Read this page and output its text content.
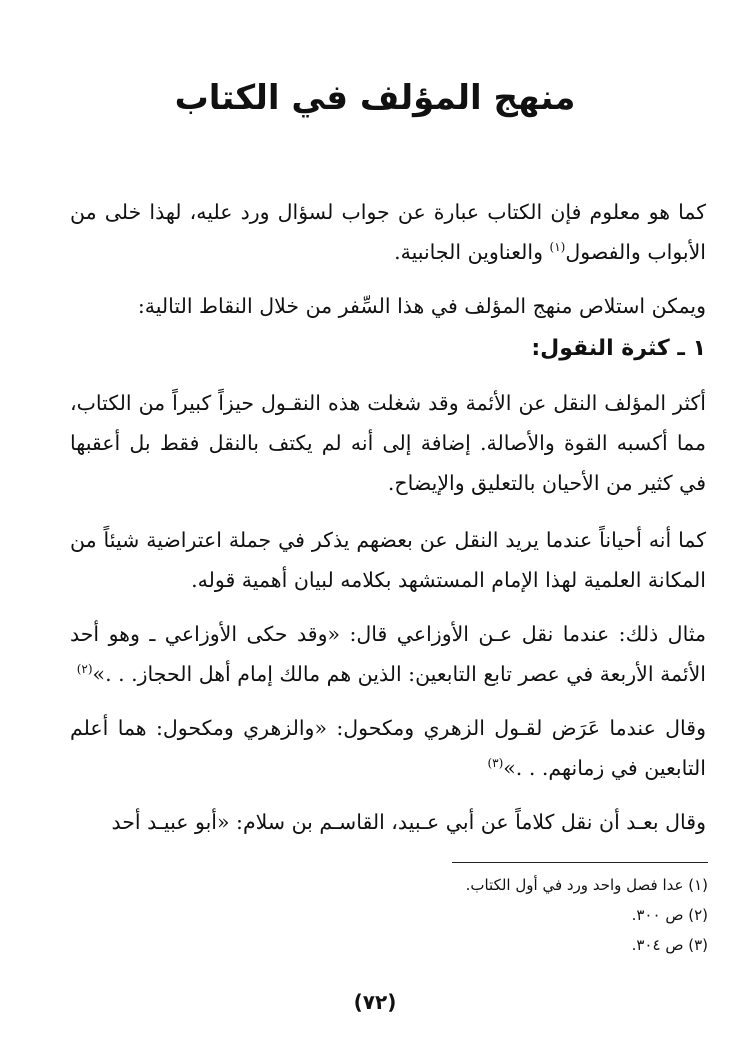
منهج المؤلف في الكتاب
كما هو معلوم فإن الكتاب عبارة عن جواب لسؤال ورد عليه، لهذا خلى من الأبواب والفصول$^{(١)}$ والعناوين الجانبية.
ويمكن استلاص منهج المؤلف في هذا السِّفر من خلال النقاط التالية:
١ ـ كثرة النقول:
أكثر المؤلف النقل عن الأئمة وقد شغلت هذه النقـول حيزاً كبيراً من الكتاب، مما أكسبه القوة والأصالة. إضافة إلى أنه لم يكتف بالنقل فقط بل أعقبها في كثير من الأحيان بالتعليق والإيضاح.
كما أنه أحياناً عندما يريد النقل عن بعضهم يذكر في جملة اعتراضية شيئاً من المكانة العلمية لهذا الإمام المستشهد بكلامه لبيان أهمية قوله.
مثال ذلك: عندما نقل عـن الأوزاعي قال: «وقد حكى الأوزاعي ـ وهو أحد الأئمة الأربعة في عصر تابع التابعين: الذين هم مالك إمام أهل الحجاز. . .»$^{(٢)}$
وقال عندما عَرَض لقـول الزهري ومكحول: «والزهري ومكحول: هما أعلم التابعين في زمانهم. . .»$^{(٣)}$
وقال بعـد أن نقل كلاماً عن أبي عـبيد، القاسـم بن سلام: «أبو عبيـد أحد
(١) عدا فصل واحد ورد في أول الكتاب.
(٢) ص ٣٠٠.
(٣) ص ٣٠٤.
(٧٢)
